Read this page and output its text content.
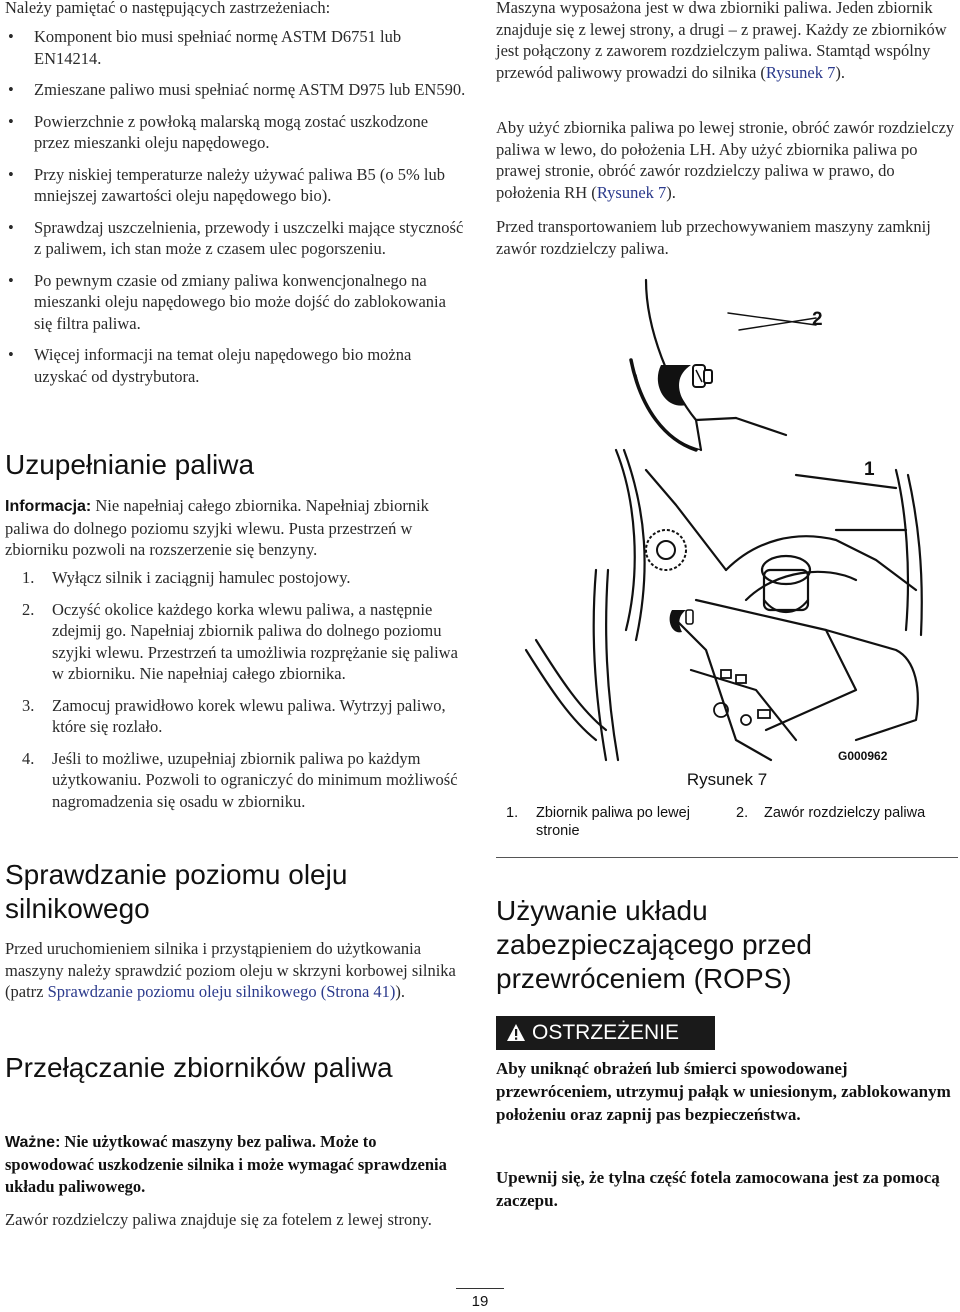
Należy pamiętać o następujących zastrzeżeniach:

• Komponent bio musi spełniać normę ASTM D6751 lub EN14214.
• Zmieszane paliwo musi spełniać normę ASTM D975 lub EN590.
• Powierzchnie z powłoką malarską mogą zostać uszkodzone przez mieszanki oleju napędowego.
• Przy niskiej temperaturze należy używać paliwa B5 (o 5% lub mniejszej zawartości oleju napędowego bio).
• Sprawdzaj uszczelnienia, przewody i uszczelki mające styczność z paliwem, ich stan może z czasem ulec pogorszeniu.
• Po pewnym czasie od zmiany paliwa konwencjonalnego na mieszanki oleju napędowego bio może dojść do zablokowania się filtra paliwa.
• Więcej informacji na temat oleju napędowego bio można uzyskać od dystrybutora.
Uzupełnianie paliwa

Informacja: Nie napełniaj całego zbiornika. Napełniaj zbiornik paliwa do dolnego poziomu szyjki wlewu. Pusta przestrzeń w zbiorniku pozwoli na rozszerzenie się benzyny.

1. Wyłącz silnik i zaciągnij hamulec postojowy.
2. Oczyść okolice każdego korka wlewu paliwa, a następnie zdejmij go. Napełniaj zbiornik paliwa do dolnego poziomu szyjki wlewu. Przestrzeń ta umożliwia rozprężanie się paliwa w zbiorniku. Nie napełniaj całego zbiornika.
3. Zamocuj prawidłowo korek wlewu paliwa. Wytrzyj paliwo, które się rozlało.
4. Jeśli to możliwe, uzupełniaj zbiornik paliwa po każdym użytkowaniu. Pozwoli to ograniczyć do minimum możliwość nagromadzenia się osadu w zbiorniku.
Sprawdzanie poziomu oleju silnikowego

Przed uruchomieniem silnika i przystąpieniem do użytkowania maszyny należy sprawdzić poziom oleju w skrzyni korbowej silnika (patrz Sprawdzanie poziomu oleju silnikowego (Strona 41)).

Przełączanie zbiorników paliwa

Ważne: Nie użytkować maszyny bez paliwa. Może to spowodować uszkodzenie silnika i może wymagać sprawdzenia układu paliwowego.

Zawór rozdzielczy paliwa znajduje się za fotelem z lewej strony.

Maszyna wyposażona jest w dwa zbiorniki paliwa. Jeden zbiornik znajduje się z lewej strony, a drugi – z prawej. Każdy ze zbiorników jest połączony z zaworem rozdzielczym paliwa. Stamtąd wspólny przewód paliwowy prowadzi do silnika (Rysunek 7).

Aby użyć zbiornika paliwa po lewej stronie, obróć zawór rozdzielczy paliwa w lewo, do położenia LH. Aby użyć zbiornika paliwa po prawej stronie, obróć zawór rozdzielczy paliwa w prawo, do położenia RH (Rysunek 7).

Przed transportowaniem lub przechowywaniem maszyny zamknij zawór rozdzielczy paliwa.

2
1
G000962
Rysunek 7
1.	Zbiornik paliwa po lewej stronie
2.	Zawór rozdzielczy paliwa
Używanie układu zabezpieczającego przed przewróceniem (ROPS)
OSTRZEŻENIE

Aby uniknąć obrażeń lub śmierci spowodowanej przewróceniem, utrzymuj pałąk w uniesionym, zablokowanym położeniu oraz zapnij pas bezpieczeństwa.

Upewnij się, że tylna część fotela zamocowana jest za pomocą zaczepu.

19
